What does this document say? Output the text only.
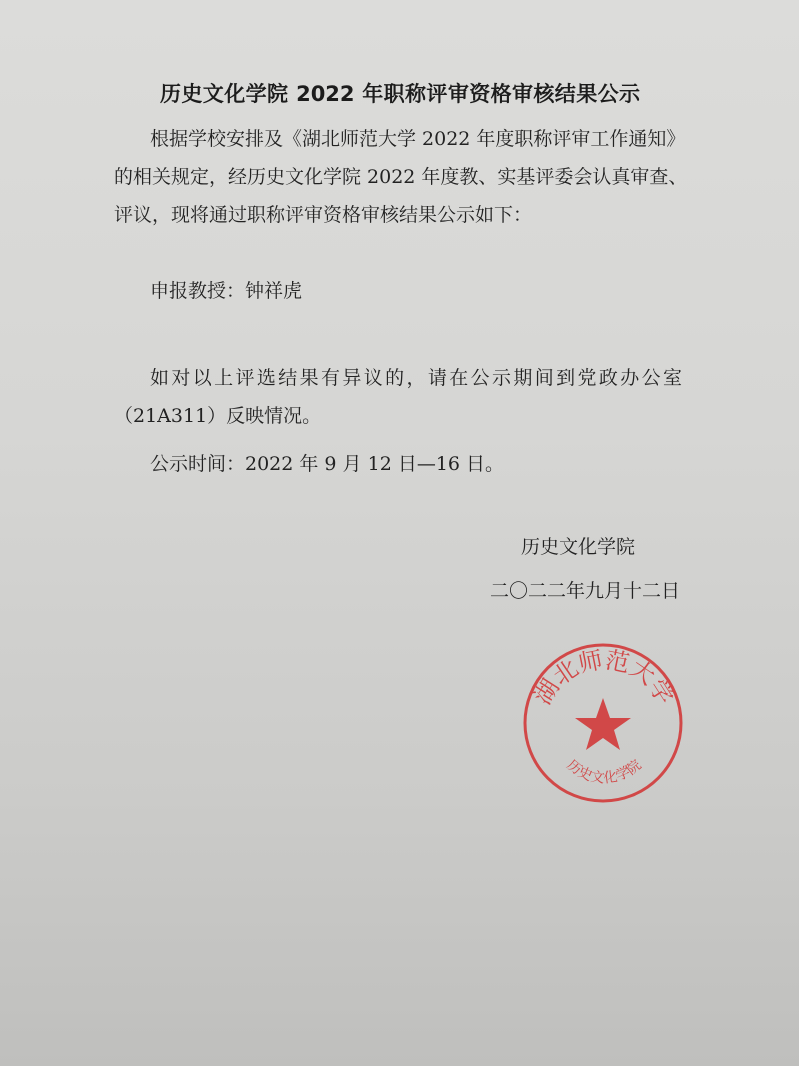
历史文化学院 2022 年职称评审资格审核结果公示
根据学校安排及《湖北师范大学 2022 年度职称评审工作通知》
的相关规定，经历史文化学院 2022 年度教、实基评委会认真审查、
评议，现将通过职称评审资格审核结果公示如下：
申报教授：钟祥虎
如对以上评选结果有异议的，请在公示期间到党政办公室
（21A311）反映情况。
公示时间：2022 年 9 月 12 日—16 日。
历史文化学院
二〇二二年九月十二日
湖北师范大学
历史文化学院
